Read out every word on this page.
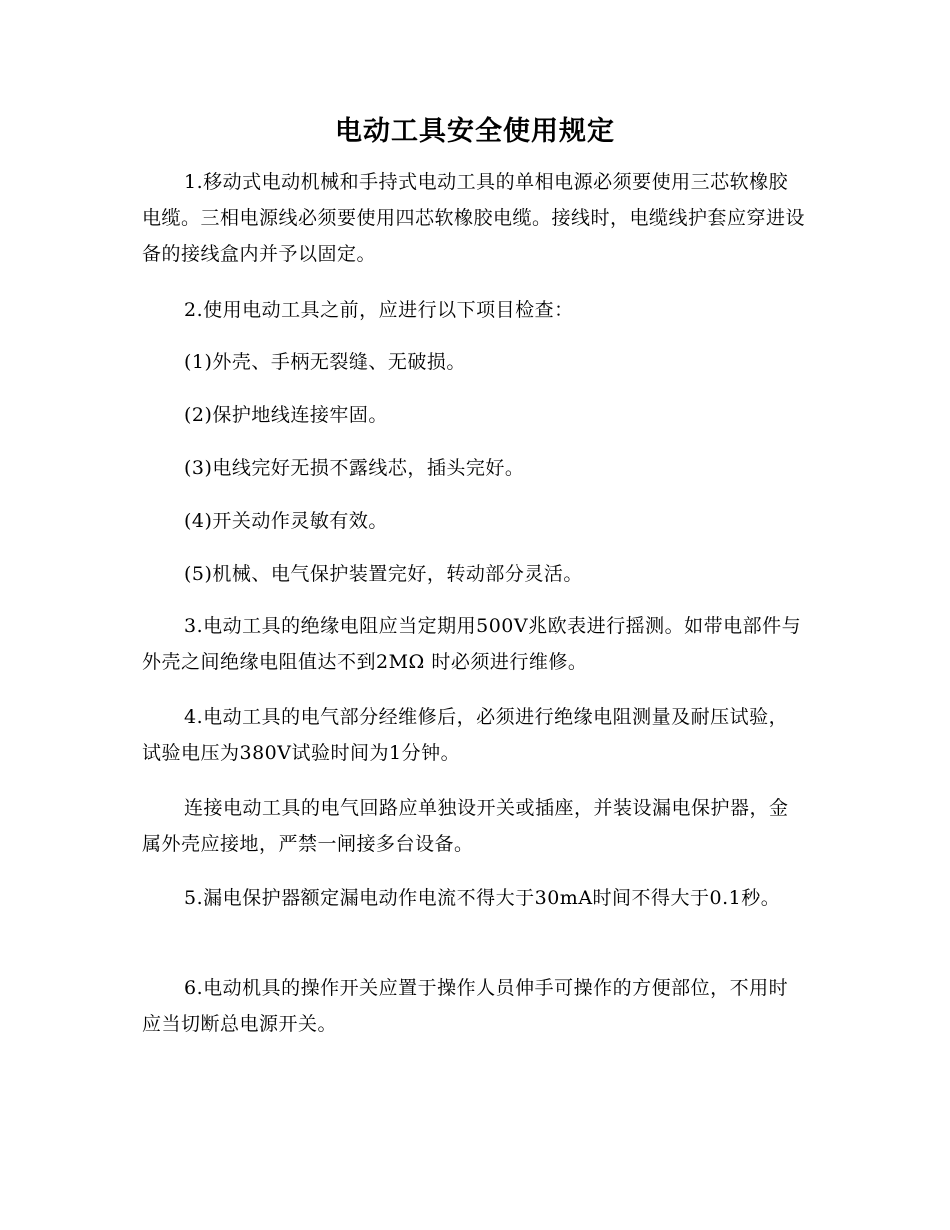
电动工具安全使用规定
1.移动式电动机械和手持式电动工具的单相电源必须要使用三芯软橡胶电缆。三相电源线必须要使用四芯软橡胶电缆。接线时，电缆线护套应穿进设备的接线盒内并予以固定。
2.使用电动工具之前，应进行以下项目检查：
(1)外壳、手柄无裂缝、无破损。
(2)保护地线连接牢固。
(3)电线完好无损不露线芯，插头完好。
(4)开关动作灵敏有效。
(5)机械、电气保护装置完好，转动部分灵活。
3.电动工具的绝缘电阻应当定期用500V兆欧表进行摇测。如带电部件与外壳之间绝缘电阻值达不到2MΩ 时必须进行维修。
4.电动工具的电气部分经维修后，必须进行绝缘电阻测量及耐压试验，试验电压为380V试验时间为1分钟。
连接电动工具的电气回路应单独设开关或插座，并装设漏电保护器，金属外壳应接地，严禁一闸接多台设备。
5.漏电保护器额定漏电动作电流不得大于30mA时间不得大于0.1秒。
6.电动机具的操作开关应置于操作人员伸手可操作的方便部位，不用时应当切断总电源开关。
